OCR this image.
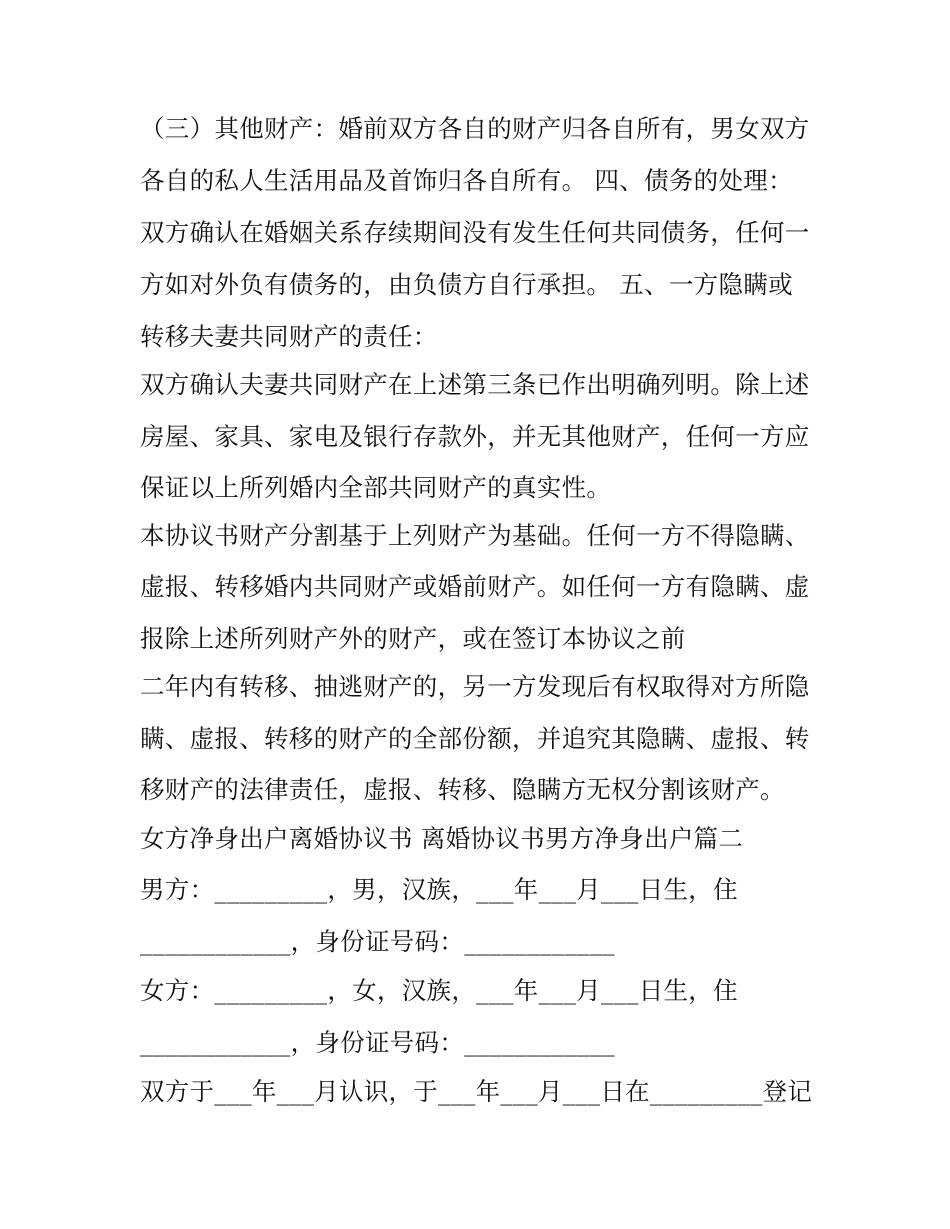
（三）其他财产：婚前双方各自的财产归各自所有，男女双方
各自的私人生活用品及首饰归各自所有。 四、债务的处理：
双方确认在婚姻关系存续期间没有发生任何共同债务，任何一
方如对外负有债务的，由负债方自行承担。 五、一方隐瞒或
转移夫妻共同财产的责任：
双方确认夫妻共同财产在上述第三条已作出明确列明。除上述
房屋、家具、家电及银行存款外，并无其他财产，任何一方应
保证以上所列婚内全部共同财产的真实性。
本协议书财产分割基于上列财产为基础。任何一方不得隐瞒、
虚报、转移婚内共同财产或婚前财产。如任何一方有隐瞒、虚
报除上述所列财产外的财产，或在签订本协议之前
二年内有转移、抽逃财产的，另一方发现后有权取得对方所隐
瞒、虚报、转移的财产的全部份额，并追究其隐瞒、虚报、转
移财产的法律责任，虚报、转移、隐瞒方无权分割该财产。
女方净身出户离婚协议书 离婚协议书男方净身出户篇二
男方：_________，男，汉族，___年___月___日生，住
____________，身份证号码：____________
女方：_________，女，汉族，___年___月___日生，住
____________，身份证号码：____________
双方于___年___月认识，于___年___月___日在_________登记
